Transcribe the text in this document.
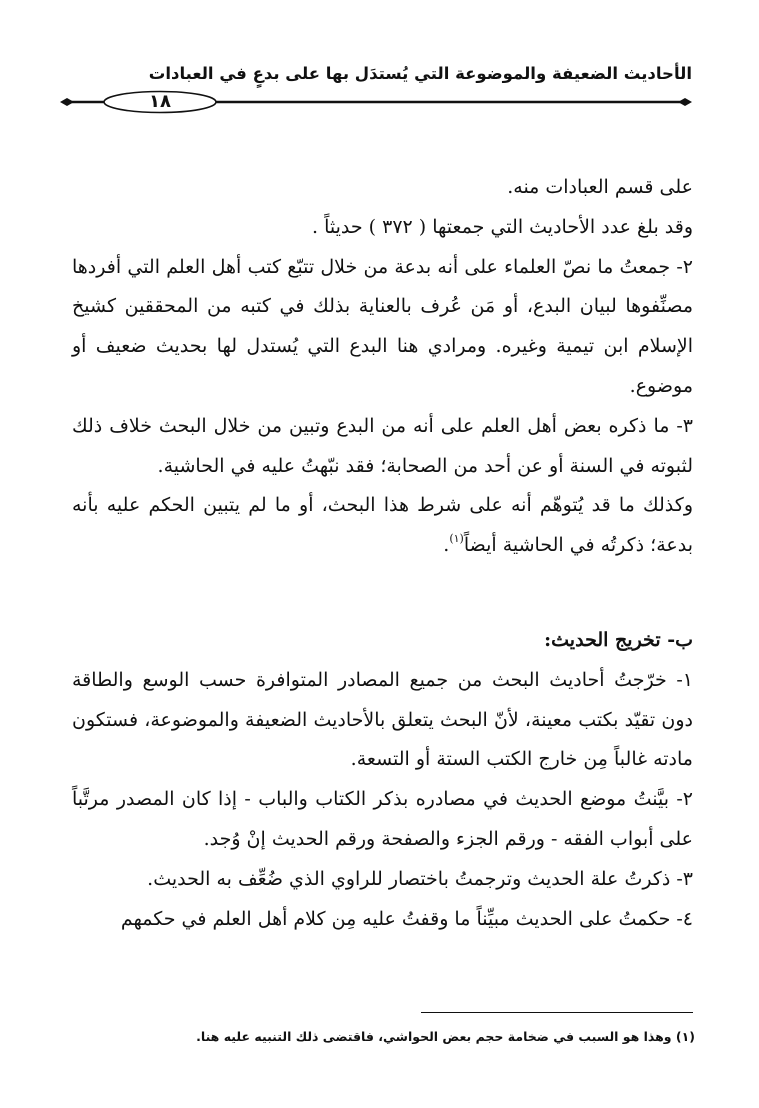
الأحاديث الضعيفة والموضوعة التي يُستدَل بها على بدعٍ في العبادات
١٨

على قسم العبادات منه.

وقد بلغ عدد الأحاديث التي جمعتها ( ٣٧٢ ) حديثاً .

٢- جمعتُ ما نصّ العلماء على أنه بدعة من خلال تتبّع كتب أهل العلم التي أفردها مصنِّفوها لبيان البدع، أو مَن عُرف بالعناية بذلك في كتبه من المحققين كشيخ الإسلام ابن تيمية وغيره. ومرادي هنا البدع التي يُستدل لها بحديث ضعيف أو موضوع.

٣- ما ذكره بعض أهل العلم على أنه من البدع وتبين من خلال البحث خلاف ذلك لثبوته في السنة أو عن أحد من الصحابة؛ فقد نبّهتُ عليه في الحاشية.

وكذلك ما قد يُتوهّم أنه على شرط هذا البحث، أو ما لم يتبين الحكم عليه بأنه بدعة؛ ذكرتُه في الحاشية أيضاً$^{(١)}$.

ب- تخريج الحديث:

١- خرّجتُ أحاديث البحث من جميع المصادر المتوافرة حسب الوسع والطاقة دون تقيّد بكتب معينة، لأنّ البحث يتعلق بالأحاديث الضعيفة والموضوعة، فستكون مادته غالباً مِن خارج الكتب الستة أو التسعة.

٢- بيَّنتُ موضع الحديث في مصادره بذكر الكتاب والباب - إذا كان المصدر مرتَّباً على أبواب الفقه - ورقم الجزء والصفحة ورقم الحديث إنْ وُجد.

٣- ذكرتُ علة الحديث وترجمتُ باختصار للراوي الذي ضُعِّف به الحديث.

٤- حكمتُ على الحديث مبيِّناً ما وقفتُ عليه مِن كلام أهل العلم في حكمهم

(١) وهذا هو السبب في ضخامة حجم بعض الحواشي، فاقتضى ذلك التنبيه عليه هنا.
